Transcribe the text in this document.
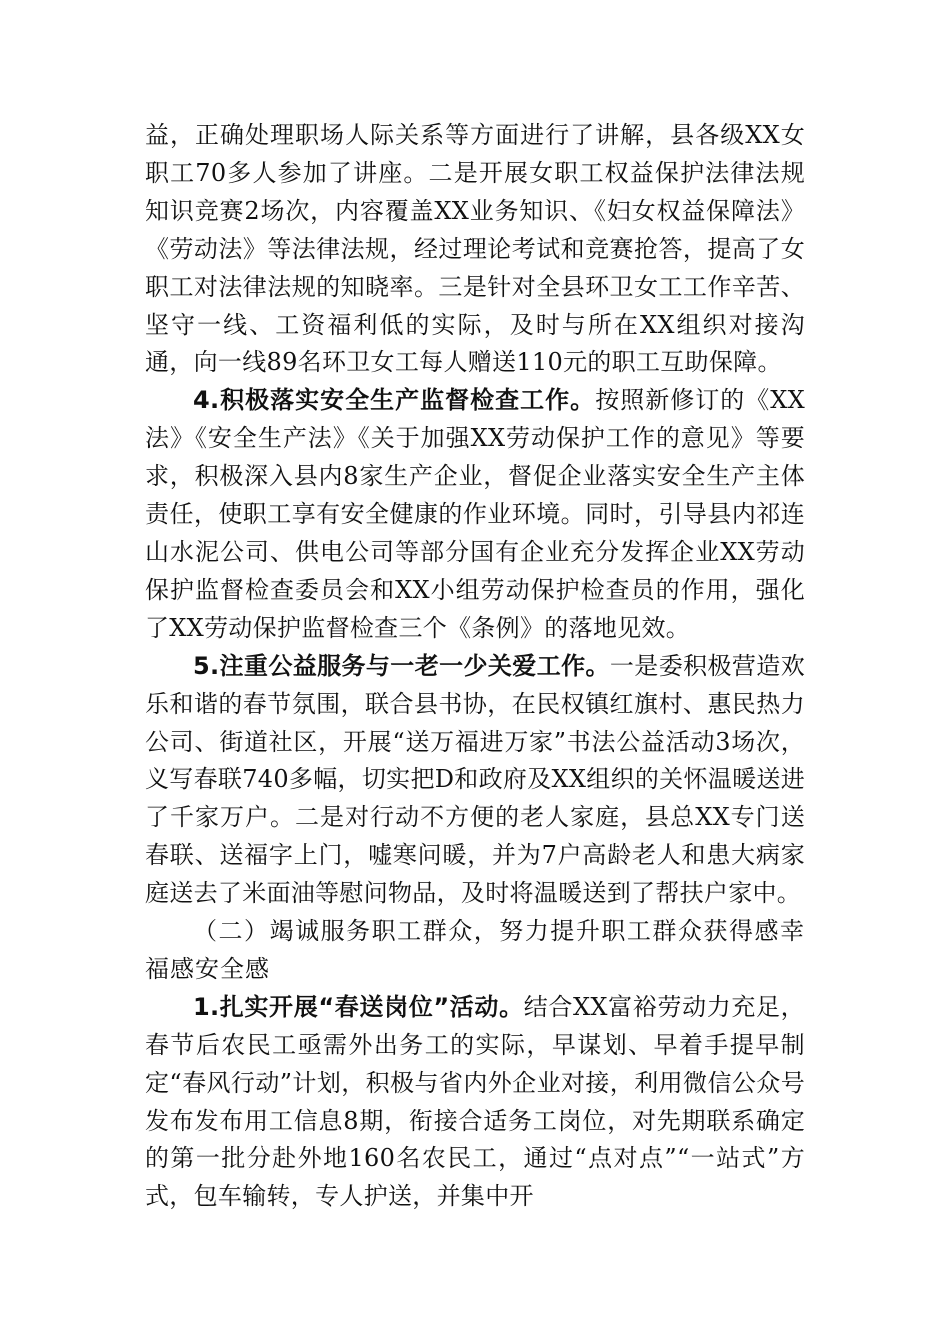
益，正确处理职场人际关系等方面进行了讲解，县各级XX女职工70多人参加了讲座。二是开展女职工权益保护法律法规知识竞赛2场次，内容覆盖XX业务知识、《妇女权益保障法》《劳动法》等法律法规，经过理论考试和竞赛抢答，提高了女职工对法律法规的知晓率。三是针对全县环卫女工工作辛苦、坚守一线、工资福利低的实际，及时与所在XX组织对接沟通，向一线89名环卫女工每人赠送110元的职工互助保障。

4.积极落实安全生产监督检查工作。按照新修订的《XX法》《安全生产法》《关于加强XX劳动保护工作的意见》等要求，积极深入县内8家生产企业，督促企业落实安全生产主体责任，使职工享有安全健康的作业环境。同时，引导县内祁连山水泥公司、供电公司等部分国有企业充分发挥企业XX劳动保护监督检查委员会和XX小组劳动保护检查员的作用，强化了XX劳动保护监督检查三个《条例》的落地见效。

5.注重公益服务与一老一少关爱工作。一是委积极营造欢乐和谐的春节氛围，联合县书协，在民权镇红旗村、惠民热力公司、街道社区，开展“送万福进万家”书法公益活动3场次，义写春联740多幅，切实把D和政府及XX组织的关怀温暖送进了千家万户。二是对行动不方便的老人家庭，县总XX专门送春联、送福字上门，嘘寒问暖，并为7户高龄老人和患大病家庭送去了米面油等慰问物品，及时将温暖送到了帮扶户家中。

（二）竭诚服务职工群众，努力提升职工群众获得感幸福感安全感

1.扎实开展“春送岗位”活动。结合XX富裕劳动力充足，春节后农民工亟需外出务工的实际，早谋划、早着手提早制定“春风行动”计划，积极与省内外企业对接，利用微信公众号发布发布用工信息8期，衔接合适务工岗位，对先期联系确定的第一批分赴外地160名农民工，通过“点对点”“一站式”方式，包车输转，专人护送，并集中开
